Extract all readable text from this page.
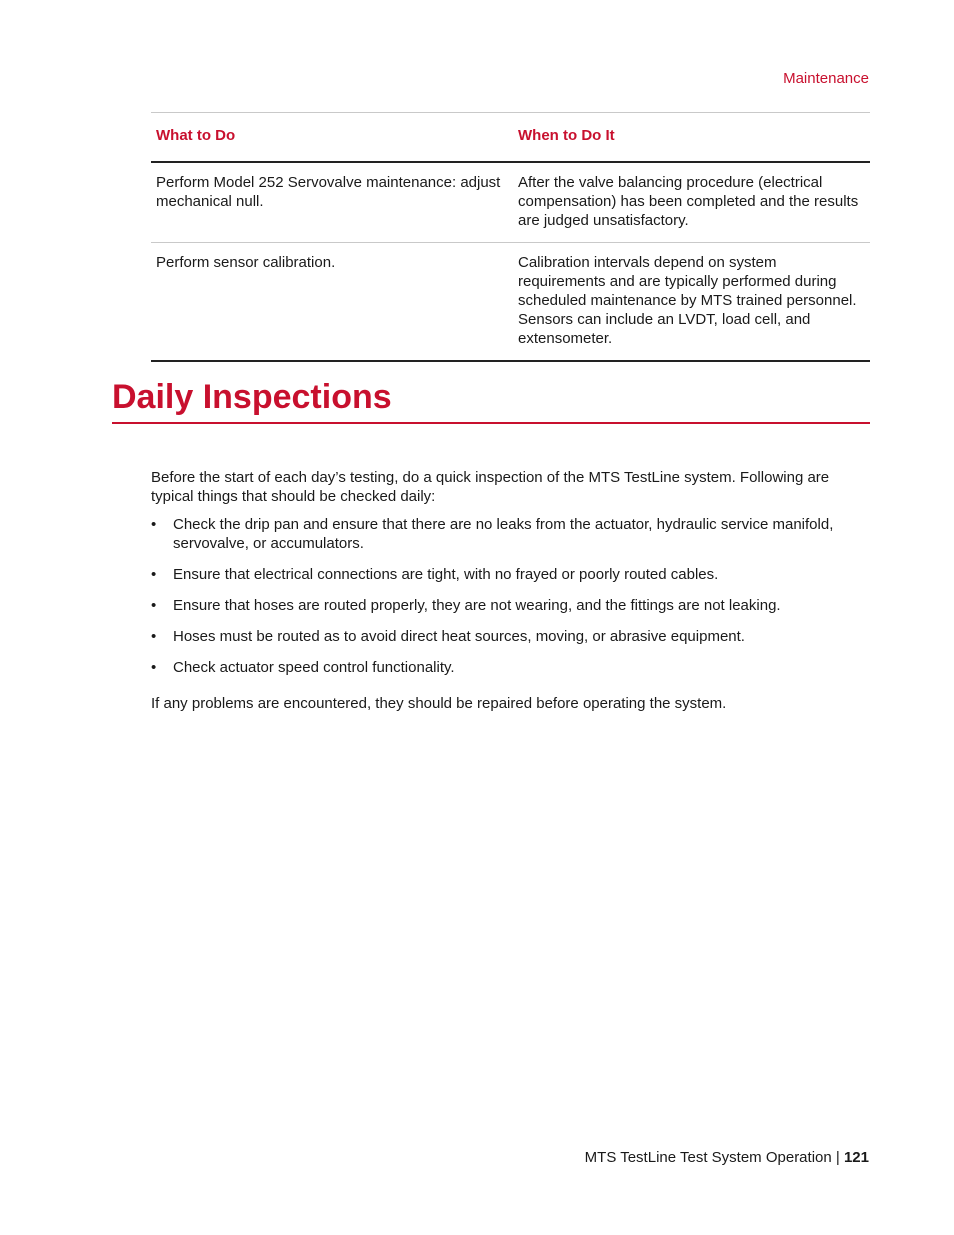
Maintenance
What to Do	When to Do It
Perform Model 252 Servovalve maintenance: adjust mechanical null.	After the valve balancing procedure (electrical compensation) has been completed and the results are judged unsatisfactory.
Perform sensor calibration.	Calibration intervals depend on system requirements and are typically performed during scheduled maintenance by MTS trained personnel. Sensors can include an LVDT, load cell, and extensometer.
Daily Inspections

Before the start of each day’s testing, do a quick inspection of the MTS TestLine system. Following are typical things that should be checked daily:

• Check the drip pan and ensure that there are no leaks from the actuator, hydraulic service manifold, servovalve, or accumulators.
• Ensure that electrical connections are tight, with no frayed or poorly routed cables.
• Ensure that hoses are routed properly, they are not wearing, and the fittings are not leaking.
• Hoses must be routed as to avoid direct heat sources, moving, or abrasive equipment.
• Check actuator speed control functionality.

If any problems are encountered, they should be repaired before operating the system.

MTS TestLine Test System Operation | 121
